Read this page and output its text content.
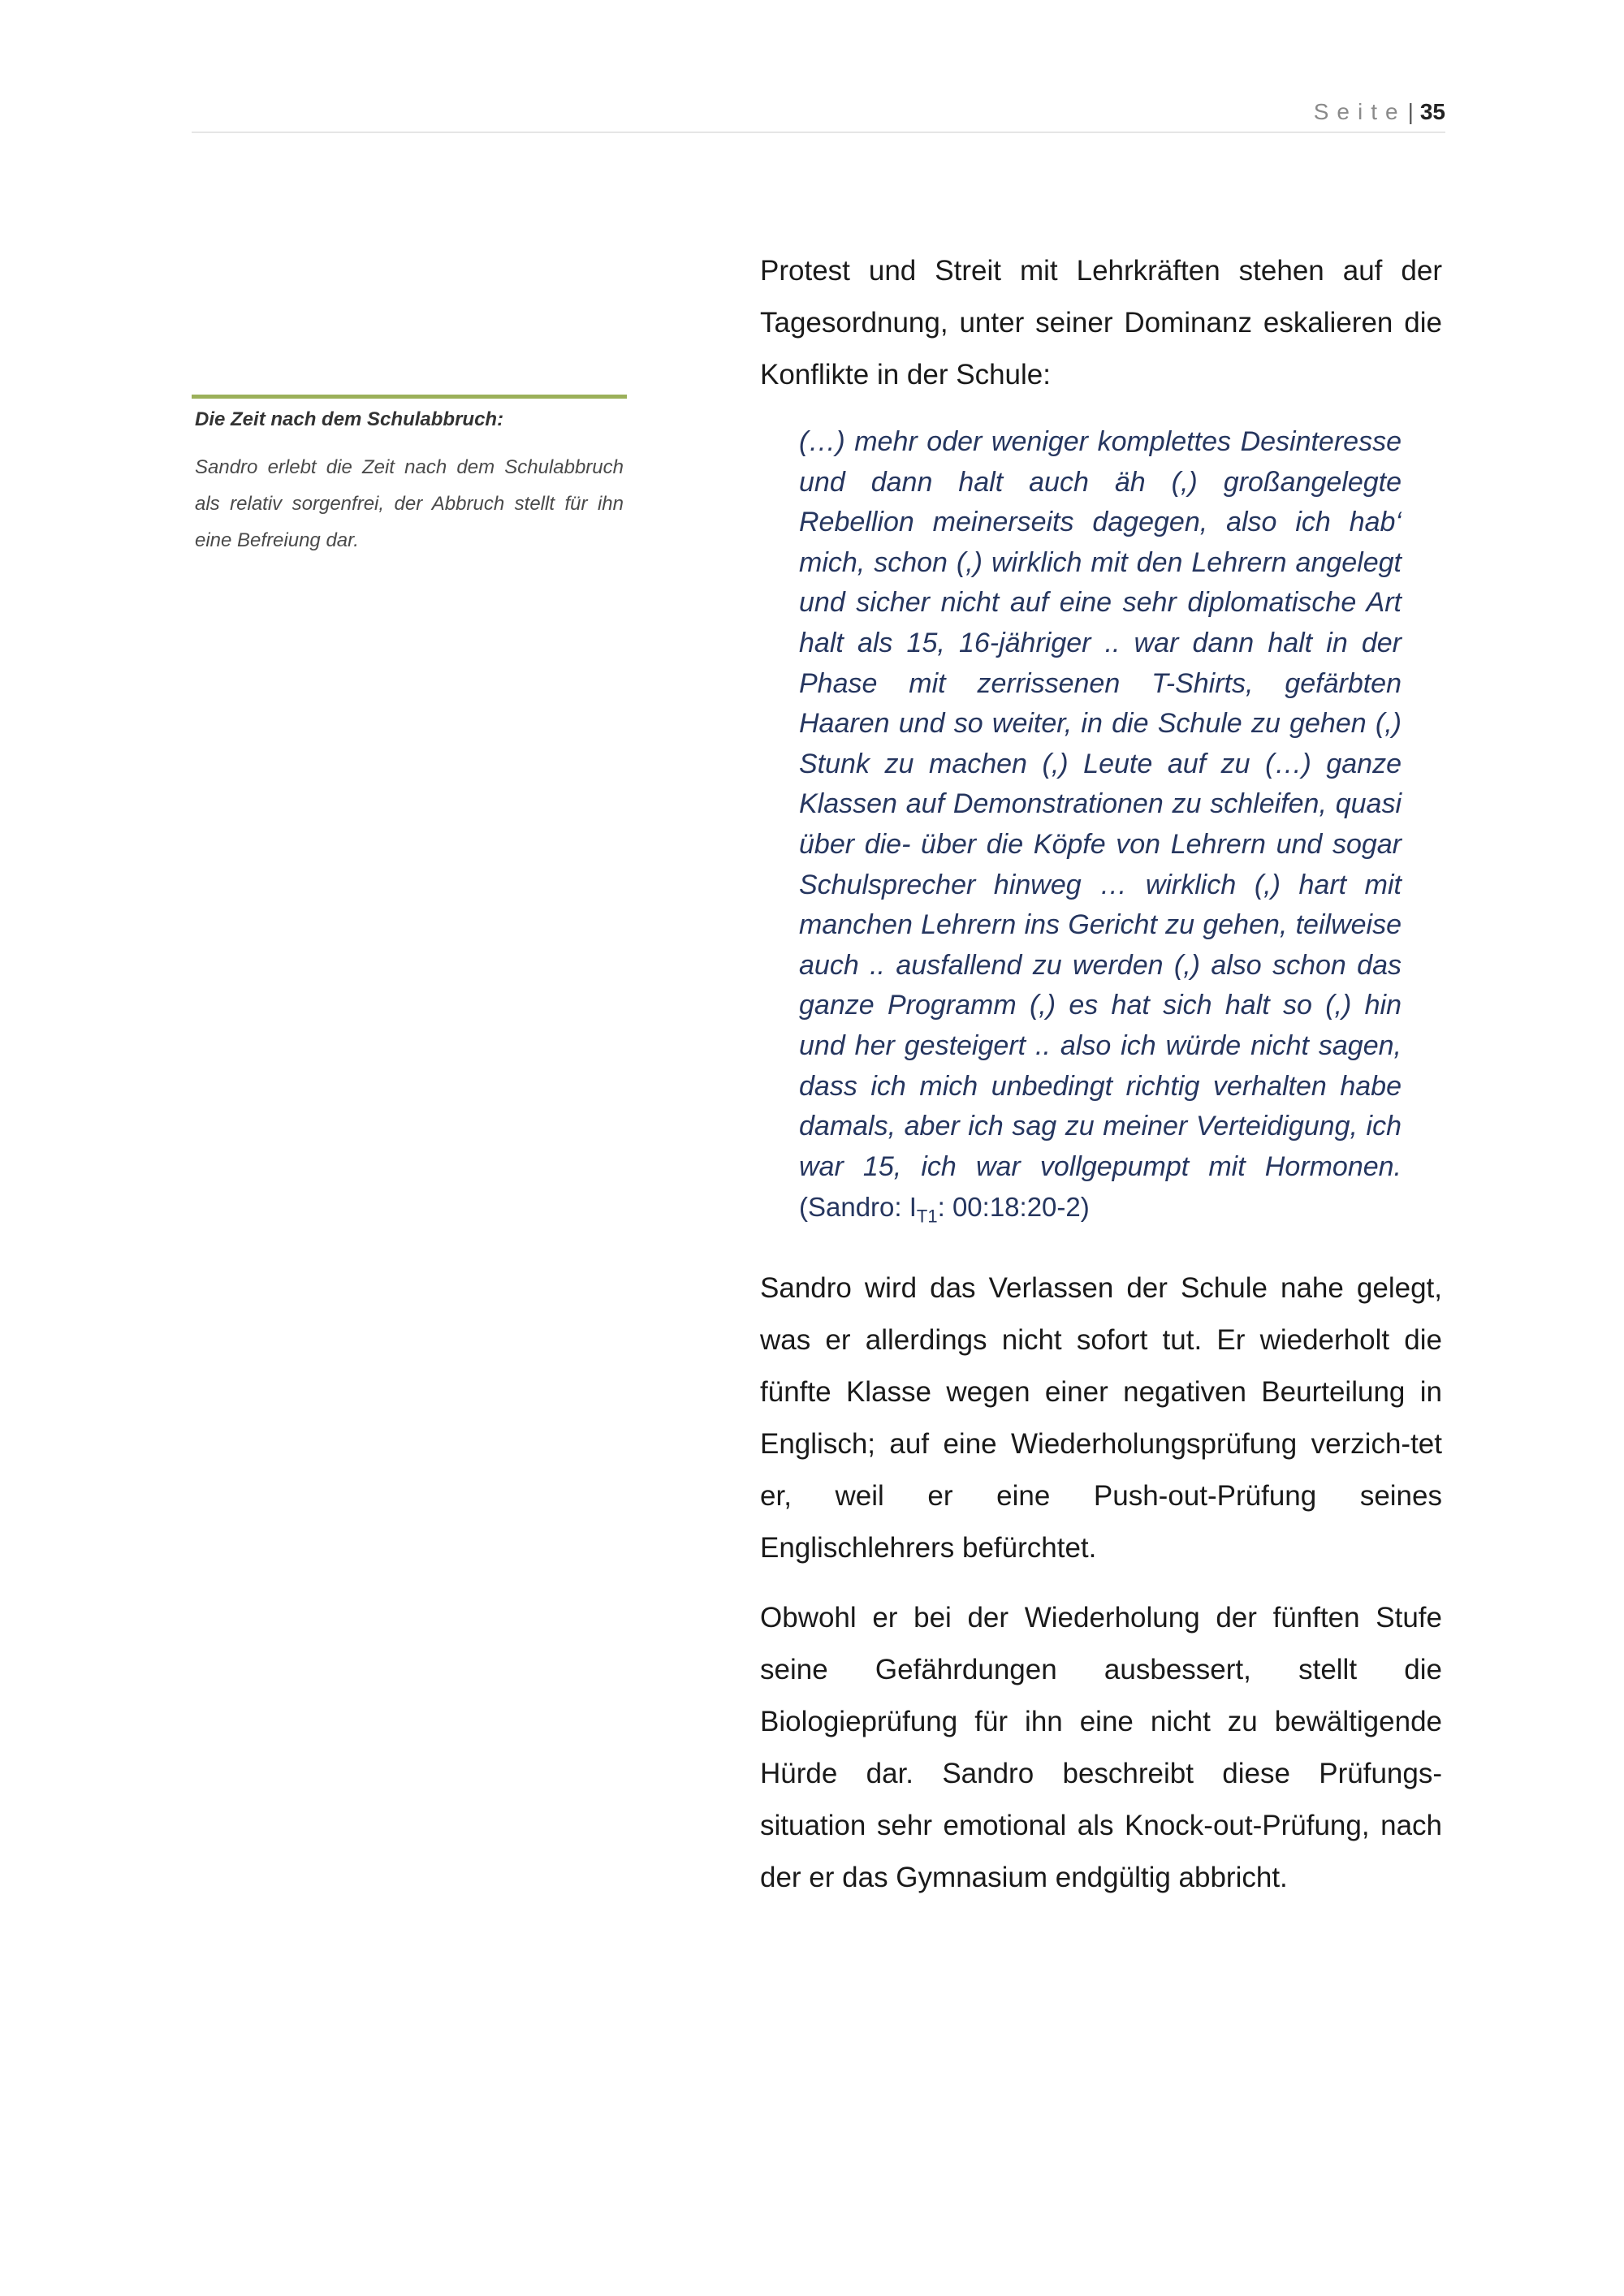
Seite| 35
Die Zeit nach dem Schulabbruch:

Sandro erlebt die Zeit nach dem Schulabbruch als relativ sorgenfrei, der Abbruch stellt für ihn eine Befreiung dar.

Protest und Streit mit Lehrkräften stehen auf der Tagesordnung, unter seiner Dominanz eskalieren die Konflikte in der Schule:

(…) mehr oder weniger komplettes Desinteresse und dann halt auch äh (,) großangelegte Rebellion meinerseits dagegen, also ich hab‘ mich, schon (,) wirklich mit den Lehrern angelegt und sicher nicht auf eine sehr diplomatische Art halt als 15, 16-jähriger .. war dann halt in der Phase mit zerrissenen T-Shirts, gefärbten Haaren und so weiter, in die Schule zu gehen (,) Stunk zu machen (,) Leute auf zu (…) ganze Klassen auf Demonstrationen zu schleifen, quasi über die- über die Köpfe von Lehrern und sogar Schulsprecher hinweg … wirklich (,) hart mit manchen Lehrern ins Gericht zu gehen, teilweise auch .. ausfallend zu werden (,) also schon das ganze Programm (,) es hat sich halt so (,) hin und her gesteigert .. also ich würde nicht sagen, dass ich mich unbedingt richtig verhalten habe damals, aber ich sag zu meiner Verteidigung, ich war 15, ich war vollgepumpt mit Hormonen. (Sandro: $I_{T1}$: 00:18:20-2)

Sandro wird das Verlassen der Schule nahe gelegt, was er allerdings nicht sofort tut. Er wiederholt die fünfte Klasse wegen einer negativen Beurteilung in Englisch; auf eine Wiederholungsprüfung verzich-tet er, weil er eine Push-out-Prüfung seines Englischlehrers befürchtet.

Obwohl er bei der Wiederholung der fünften Stufe seine Gefährdungen ausbessert, stellt die Biologieprüfung für ihn eine nicht zu bewältigende Hürde dar. Sandro beschreibt diese Prüfungs-situation sehr emotional als Knock-out-Prüfung, nach der er das Gymnasium endgültig abbricht.
